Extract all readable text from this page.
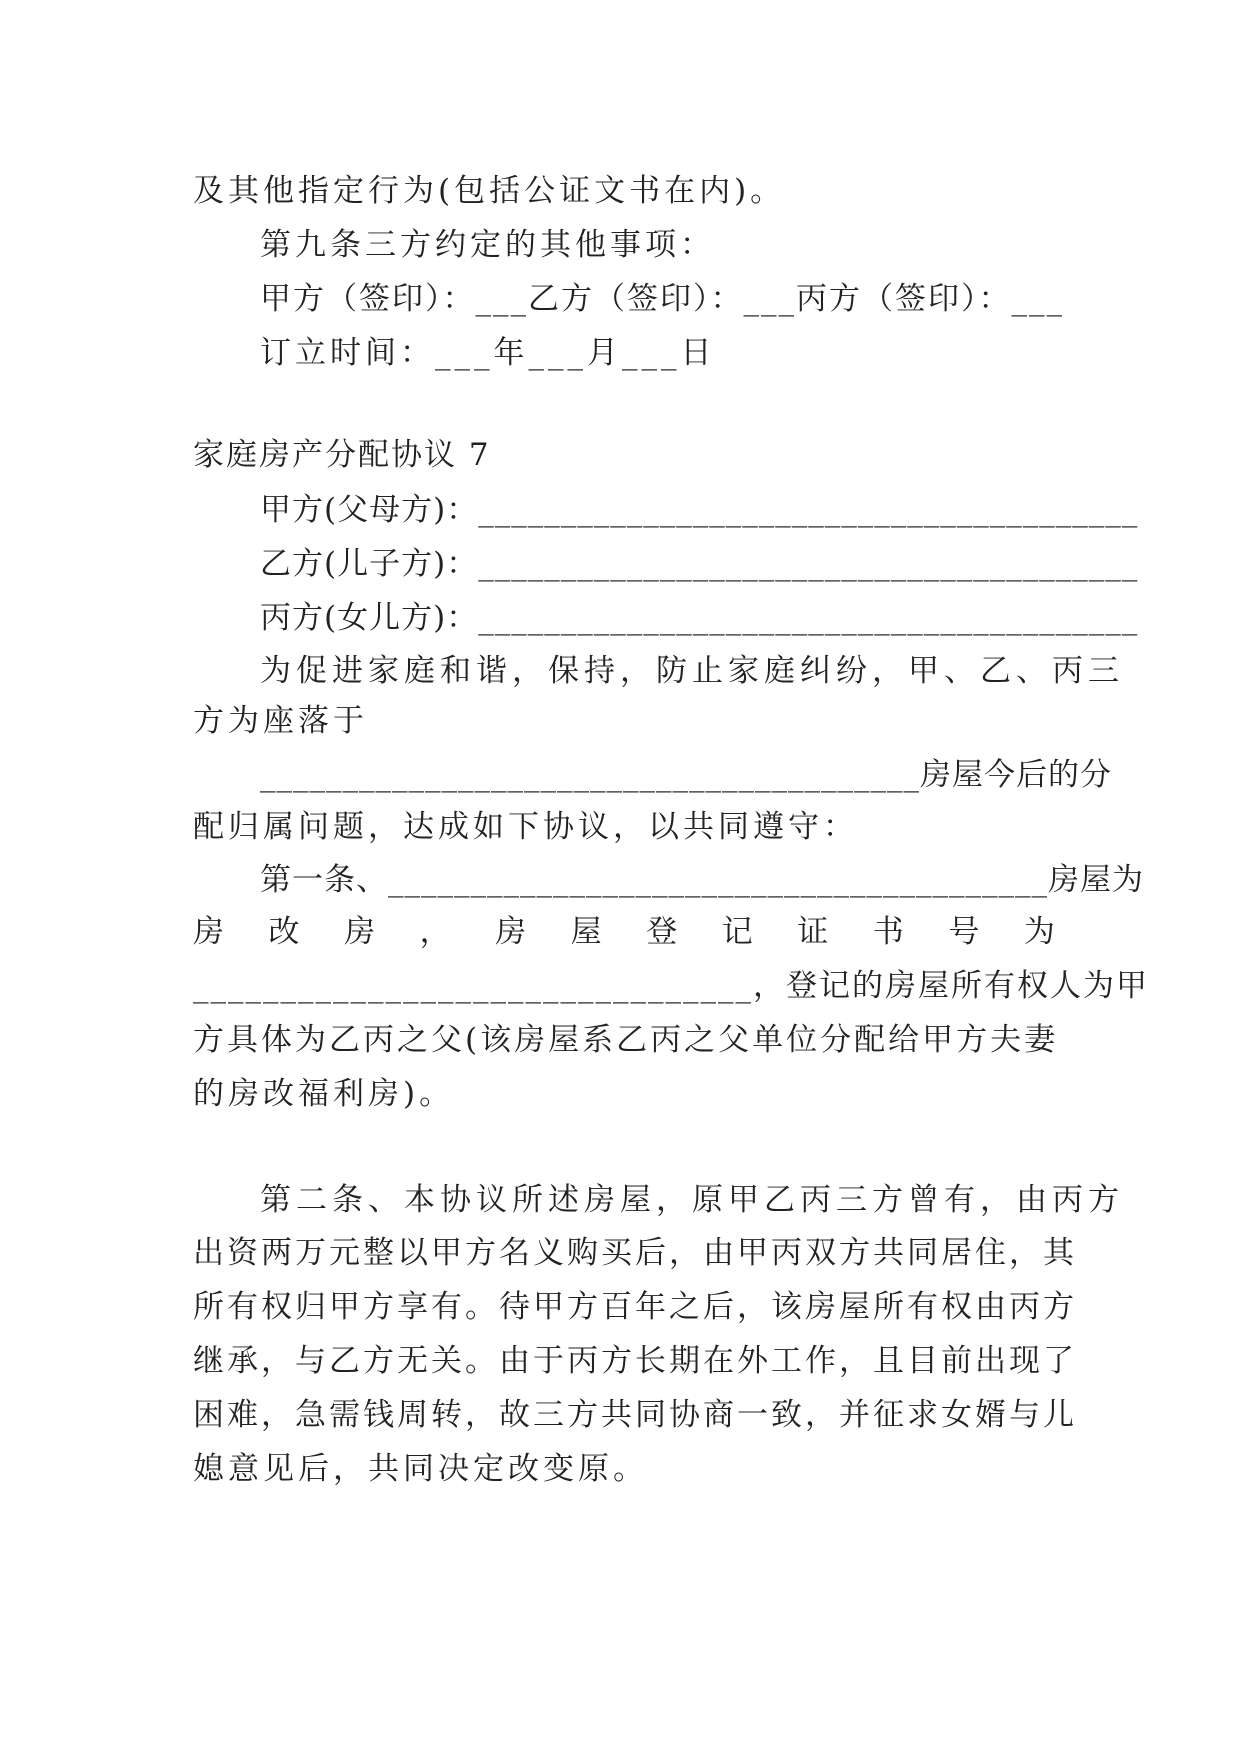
及其他指定行为(包括公证文书在内)。
第九条三方约定的其他事项：
甲方（签印）：___乙方（签印）：___丙方（签印）：___
订立时间：___年___月___日
家庭房产分配协议 7
甲方(父母方)：________________________________________
乙方(儿子方)：________________________________________
丙方(女儿方)：________________________________________
为促进家庭和谐，保持，防止家庭纠纷，甲、乙、丙三
方为座落于
________________________________________房屋今后的分
配归属问题，达成如下协议，以共同遵守：
第一条、________________________________________房屋为
房 改 房 ， 房 屋 登 记 证 书 号 为
________________________________，登记的房屋所有权人为甲
方具体为乙丙之父(该房屋系乙丙之父单位分配给甲方夫妻
的房改福利房)。
第二条、本协议所述房屋，原甲乙丙三方曾有，由丙方
出资两万元整以甲方名义购买后，由甲丙双方共同居住，其
所有权归甲方享有。待甲方百年之后，该房屋所有权由丙方
继承，与乙方无关。由于丙方长期在外工作，且目前出现了
困难，急需钱周转，故三方共同协商一致，并征求女婿与儿
媳意见后，共同决定改变原。
